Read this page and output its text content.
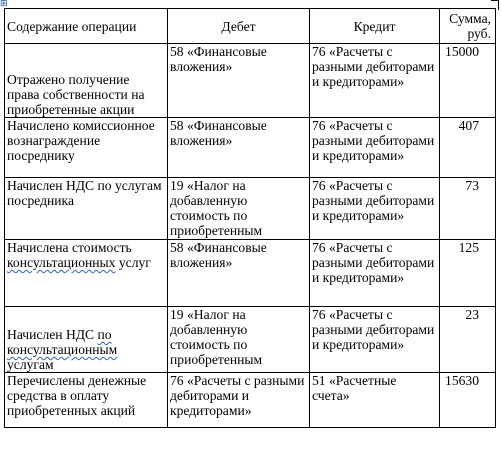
⊞
Содержание операции	Дебет	Кредит	Сумма,
руб.
Отражено получение права собственности на приобретенные акции	58 «Финансовые вложения»	76 «Расчеты с разными дебиторами и кредиторами»	15000
Начислено комиссионное вознаграждение посреднику	58 «Финансовые вложения»	76 «Расчеты с разными дебиторами и кредиторами»	407
Начислен НДС по услугам посредника	19 «Налог на добавленную стоимость по приобретенным	76 «Расчеты с разными дебиторами и кредиторами»	73
Начислена стоимость консультационных услуг	58 «Финансовые вложения»	76 «Расчеты с разными дебиторами и кредиторами»	125
Начислен НДС по консультационным услугам	19 «Налог на добавленную стоимость по приобретенным	76 «Расчеты с разными дебиторами и кредиторами»	23
Перечислены денежные средства в оплату приобретенных акций	76 «Расчеты с разными дебиторами и кредиторами»	51 «Расчетные счета»	15630
